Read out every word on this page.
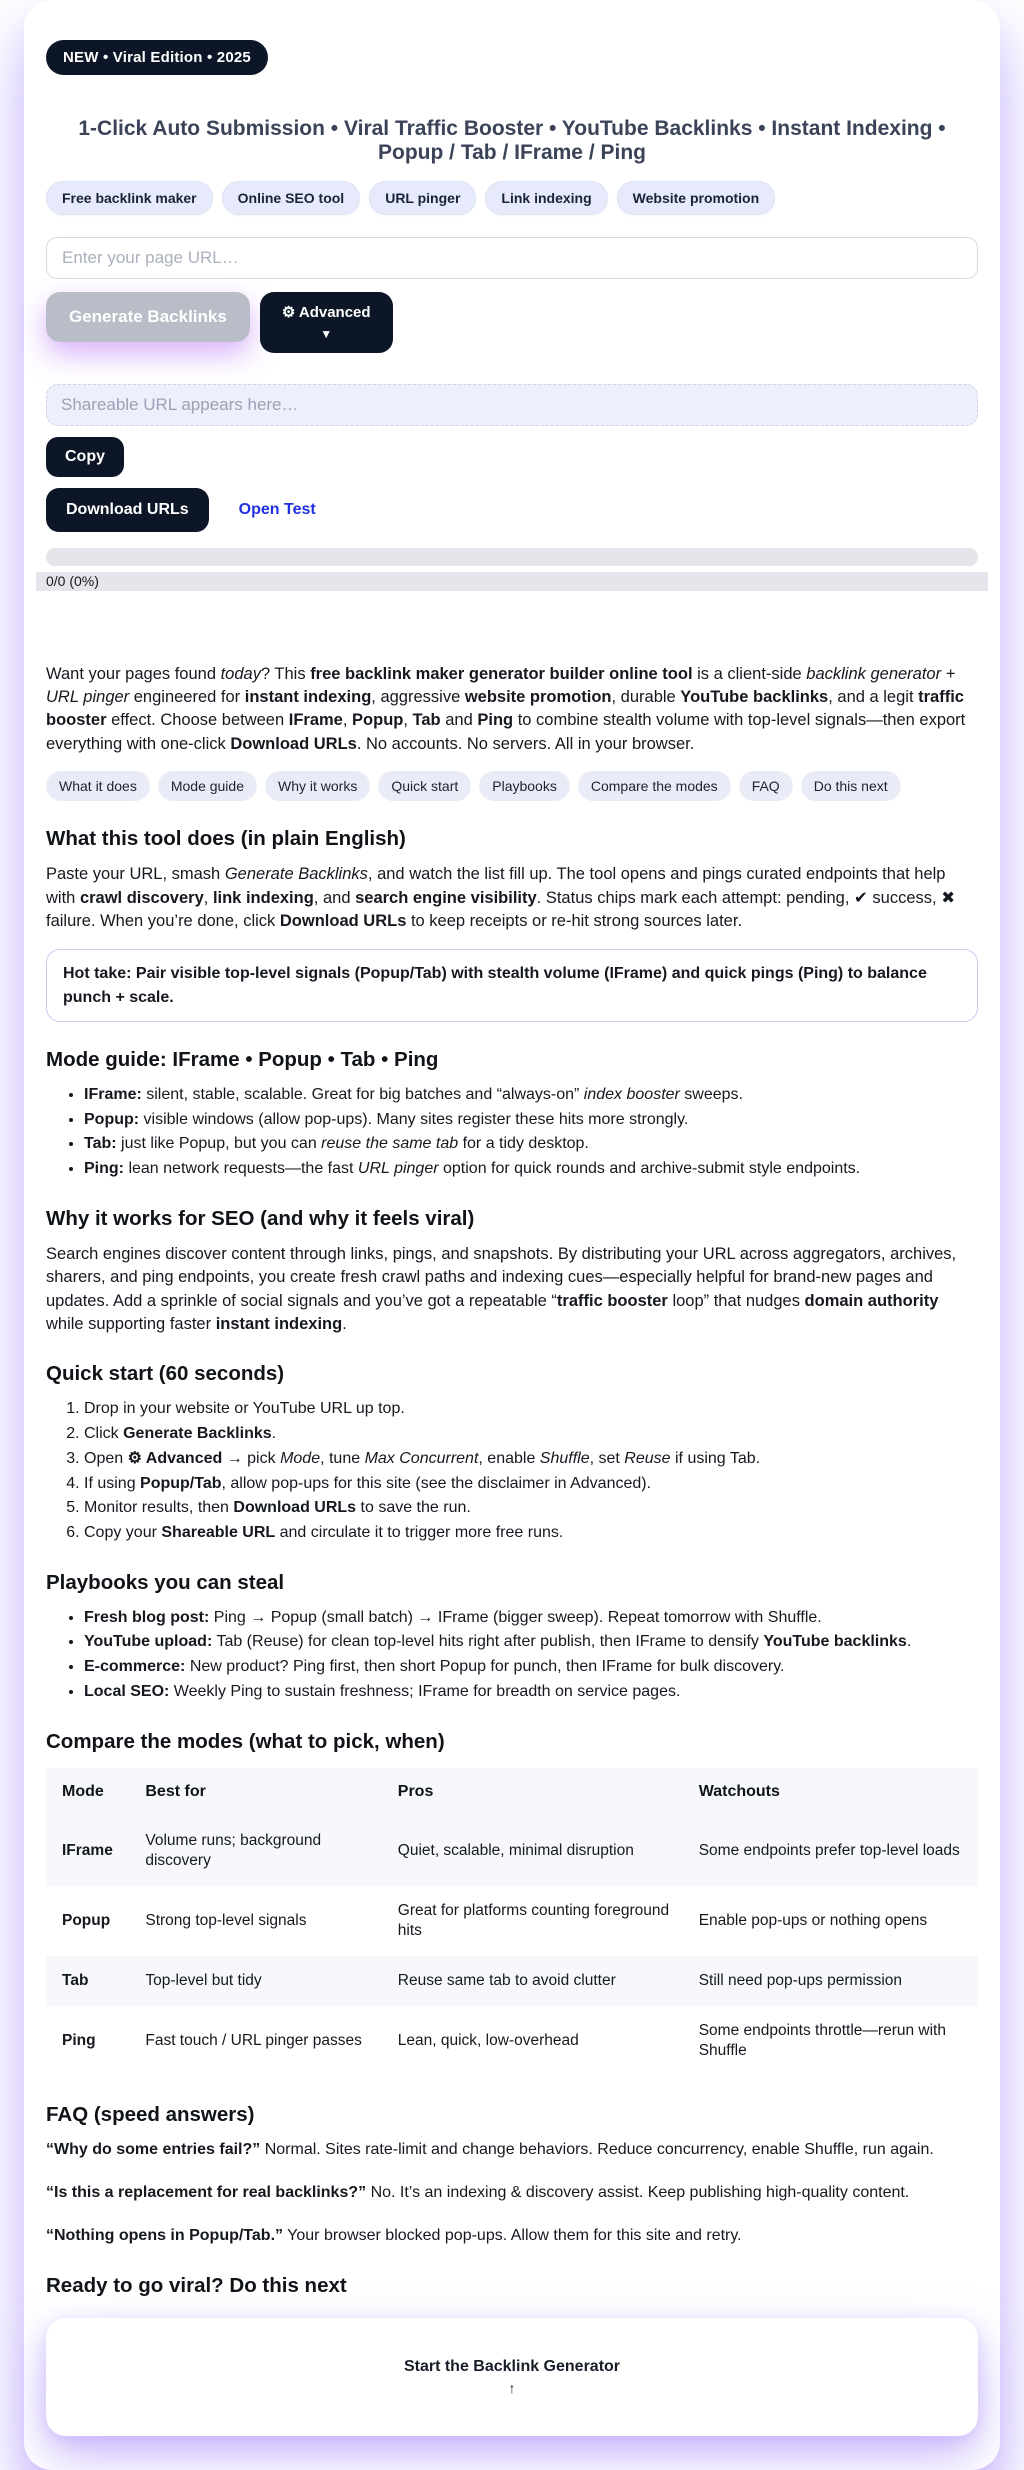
NEW • Viral Edition • 2025
1-Click Auto Submission • Viral Traffic Booster • YouTube Backlinks • Instant Indexing • Popup / Tab / IFrame / Ping
Free backlink maker	Online SEO tool	URL pinger	Link indexing	Website promotion
Enter your page URL…
Generate Backlinks	⚙ Advanced
▼
Shareable URL appears here…
Copy
Download URLs	Open Test
0/0 (0%)

Want your pages found today? This free backlink maker generator builder online tool is a client-side backlink generator + URL pinger engineered for instant indexing, aggressive website promotion, durable YouTube backlinks, and a legit traffic booster effect. Choose between IFrame, Popup, Tab and Ping to combine stealth volume with top-level signals—then export everything with one-click Download URLs. No accounts. No servers. All in your browser.

What it does	Mode guide	Why it works	Quick start	Playbooks	Compare the modes	FAQ	Do this next
What this tool does (in plain English)

Paste your URL, smash Generate Backlinks, and watch the list fill up. The tool opens and pings curated endpoints that help with crawl discovery, link indexing, and search engine visibility. Status chips mark each attempt: pending, ✔ success, ✖ failure. When you’re done, click Download URLs to keep receipts or re-hit strong sources later.

Hot take: Pair visible top-level signals (Popup/Tab) with stealth volume (IFrame) and quick pings (Ping) to balance punch + scale.
Mode guide: IFrame • Popup • Tab • Ping
• IFrame: silent, stable, scalable. Great for big batches and “always-on” index booster sweeps.
• Popup: visible windows (allow pop-ups). Many sites register these hits more strongly.
• Tab: just like Popup, but you can reuse the same tab for a tidy desktop.
• Ping: lean network requests—the fast URL pinger option for quick rounds and archive-submit style endpoints.
Why it works for SEO (and why it feels viral)

Search engines discover content through links, pings, and snapshots. By distributing your URL across aggregators, archives, sharers, and ping endpoints, you create fresh crawl paths and indexing cues—especially helpful for brand-new pages and updates. Add a sprinkle of social signals and you’ve got a repeatable “traffic booster loop” that nudges domain authority while supporting faster instant indexing.

Quick start (60 seconds)
1. Drop in your website or YouTube URL up top.
2. Click Generate Backlinks.
3. Open ⚙ Advanced → pick Mode, tune Max Concurrent, enable Shuffle, set Reuse if using Tab.
4. If using Popup/Tab, allow pop-ups for this site (see the disclaimer in Advanced).
5. Monitor results, then Download URLs to save the run.
6. Copy your Shareable URL and circulate it to trigger more free runs.
Playbooks you can steal
• Fresh blog post: Ping → Popup (small batch) → IFrame (bigger sweep). Repeat tomorrow with Shuffle.
• YouTube upload: Tab (Reuse) for clean top-level hits right after publish, then IFrame to densify YouTube backlinks.
• E-commerce: New product? Ping first, then short Popup for punch, then IFrame for bulk discovery.
• Local SEO: Weekly Ping to sustain freshness; IFrame for breadth on service pages.
Compare the modes (what to pick, when)
Mode	Best for	Pros	Watchouts
IFrame	Volume runs; background discovery	Quiet, scalable, minimal disruption	Some endpoints prefer top-level loads
Popup	Strong top-level signals	Great for platforms counting foreground hits	Enable pop-ups or nothing opens
Tab	Top-level but tidy	Reuse same tab to avoid clutter	Still need pop-ups permission
Ping	Fast touch / URL pinger passes	Lean, quick, low-overhead	Some endpoints throttle—rerun with Shuffle
FAQ (speed answers)

“Why do some entries fail?” Normal. Sites rate-limit and change behaviors. Reduce concurrency, enable Shuffle, run again.

“Is this a replacement for real backlinks?” No. It’s an indexing & discovery assist. Keep publishing high-quality content.

“Nothing opens in Popup/Tab.” Your browser blocked pop-ups. Allow them for this site and retry.

Ready to go viral? Do this next
Start the Backlink Generator
↑
